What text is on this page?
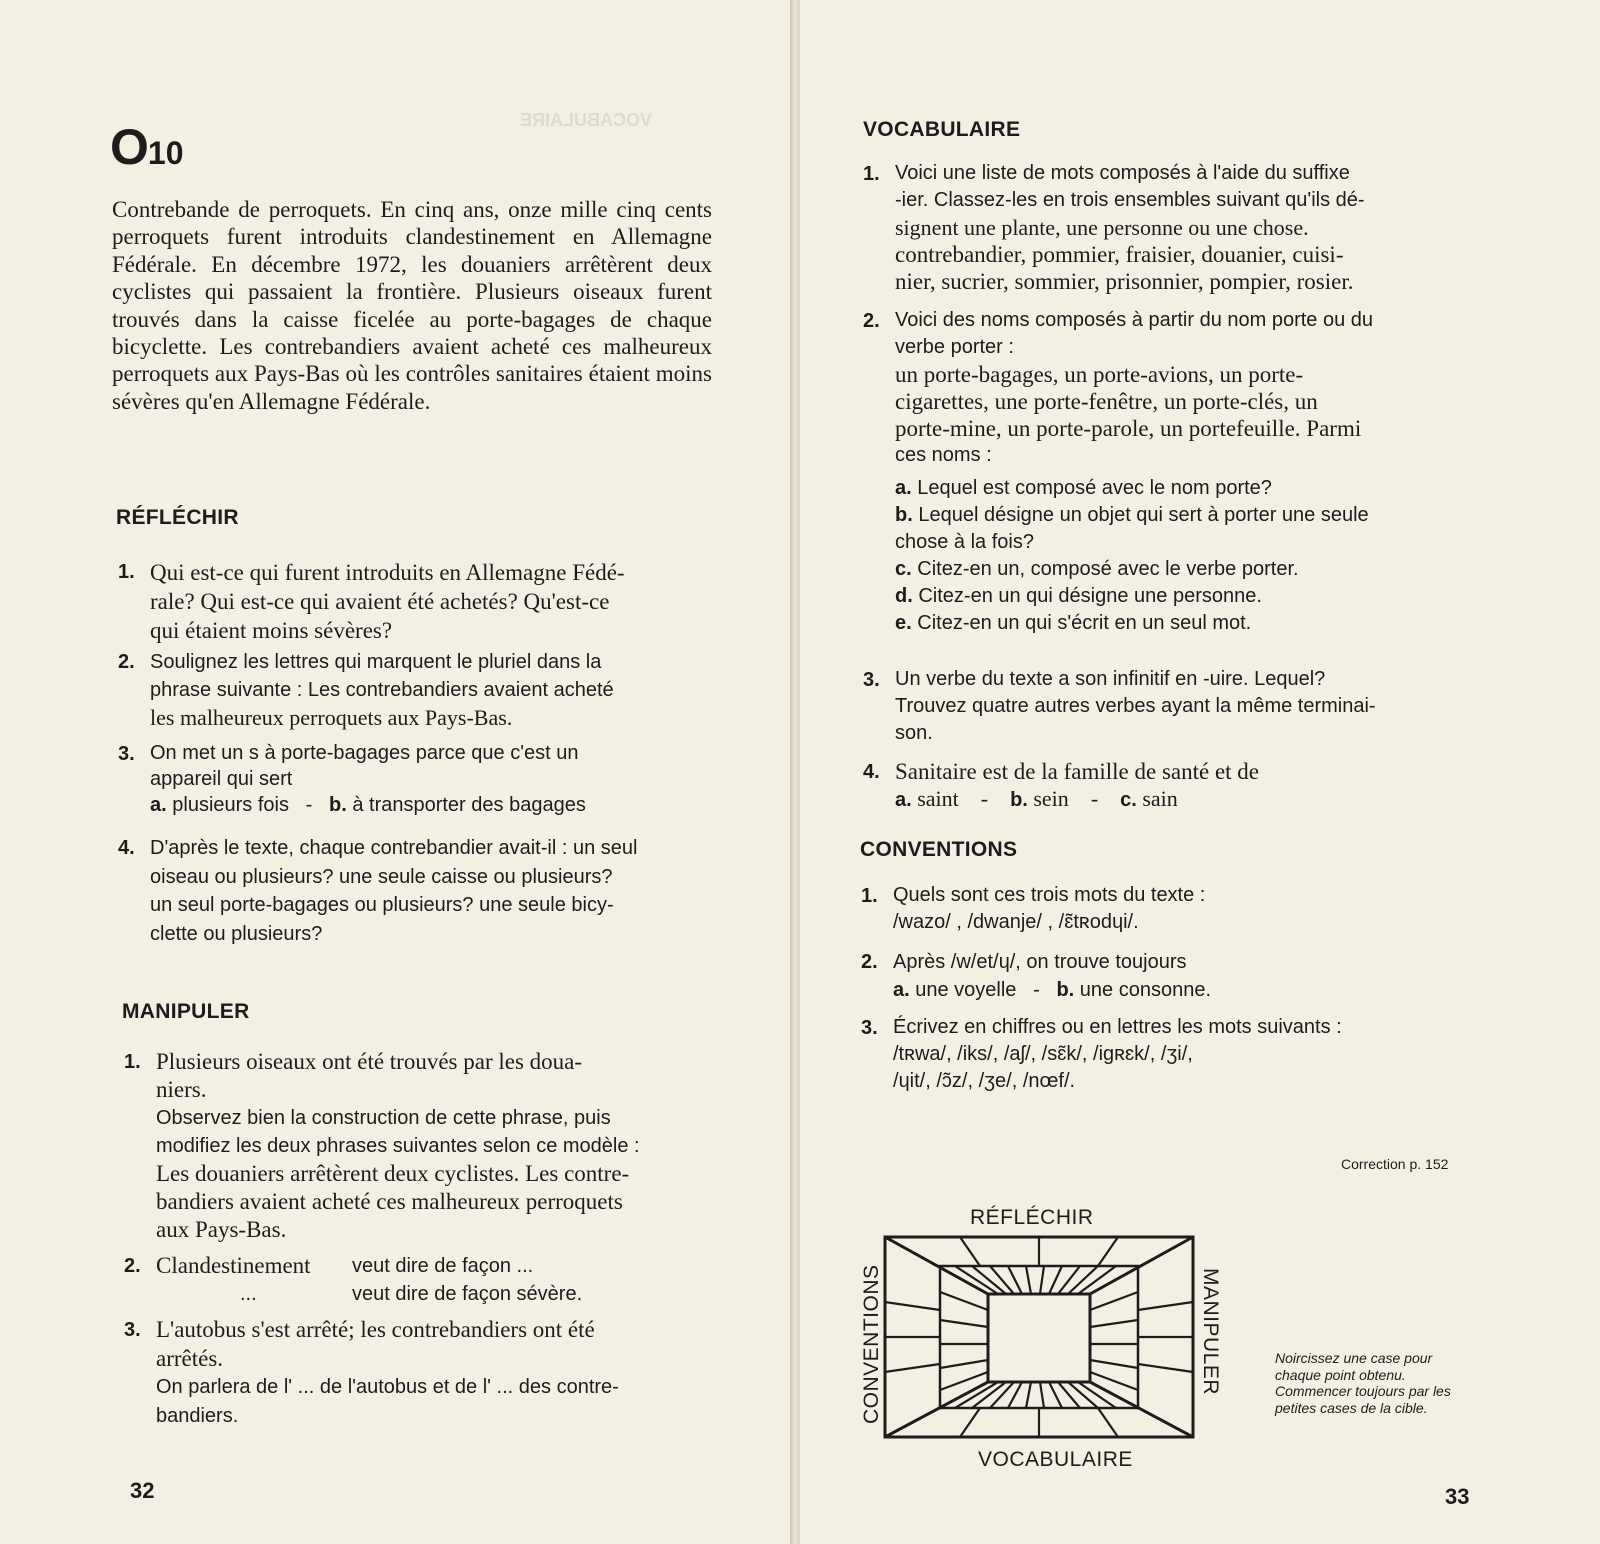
VOCABULAIRE
O10
Contrebande de perroquets. En cinq ans, onze mille cinq cents perroquets furent introduits clandestinement en Allemagne Fédérale. En décembre 1972, les douaniers arrêtèrent deux cyclistes qui passaient la frontière. Plusieurs oiseaux furent trouvés dans la caisse ficelée au porte-bagages de chaque bicyclette. Les contrebandiers avaient acheté ces malheureux perroquets aux Pays-Bas où les contrôles sanitaires étaient moins sévères qu'en Allemagne Fédérale.
RÉFLÉCHIR
1. Qui est-ce qui furent introduits en Allemagne Fédé-
rale? Qui est-ce qui avaient été achetés? Qu'est-ce
qui étaient moins sévères?
2. Soulignez les lettres qui marquent le pluriel dans la
phrase suivante : Les contrebandiers avaient acheté
les malheureux perroquets aux Pays-Bas.
3. On met un s à porte-bagages parce que c'est un
appareil qui sert
a. plusieurs fois - b. à transporter des bagages
4. D'après le texte, chaque contrebandier avait-il : un seul
oiseau ou plusieurs? une seule caisse ou plusieurs?
un seul porte-bagages ou plusieurs? une seule bicy-
clette ou plusieurs?
MANIPULER
1. Plusieurs oiseaux ont été trouvés par les doua-
niers.
Observez bien la construction de cette phrase, puis
modifiez les deux phrases suivantes selon ce modèle :
Les douaniers arrêtèrent deux cyclistes. Les contre-
bandiers avaient acheté ces malheureux perroquets
aux Pays-Bas.
2. Clandestinement veut dire de façon ...
...	veut dire de façon sévère.
3. L'autobus s'est arrêté; les contrebandiers ont été
arrêtés.
On parlera de l' ... de l'autobus et de l' ... des contre-
bandiers.
32
VOCABULAIRE
1. Voici une liste de mots composés à l'aide du suffixe
-ier. Classez-les en trois ensembles suivant qu'ils dé-
signent une plante, une personne ou une chose.
contrebandier, pommier, fraisier, douanier, cuisi-
nier, sucrier, sommier, prisonnier, pompier, rosier.
2. Voici des noms composés à partir du nom porte ou du
verbe porter :
un porte-bagages, un porte-avions, un porte-
cigarettes, une porte-fenêtre, un porte-clés, un
porte-mine, un porte-parole, un portefeuille. Parmi
ces noms :
a. Lequel est composé avec le nom porte?
b. Lequel désigne un objet qui sert à porter une seule
chose à la fois?
c. Citez-en un, composé avec le verbe porter.
d. Citez-en un qui désigne une personne.
e. Citez-en un qui s'écrit en un seul mot.
3. Un verbe du texte a son infinitif en -uire. Lequel?
Trouvez quatre autres verbes ayant la même terminai-
son.
4. Sanitaire est de la famille de santé et de
a. saint - b. sein - c. sain
CONVENTIONS
1. Quels sont ces trois mots du texte :
/wazo/ , /dwanje/ , /ɛ̃tʀodɥi/.
2. Après /w/et/ɥ/, on trouve toujours
a. une voyelle - b. une consonne.
3. Écrivez en chiffres ou en lettres les mots suivants :
/tʀwa/, /iks/, /aʃ/, /sɛ̃k/, /igʀɛk/, /ʒi/,
/ɥit/, /ɔ̃z/, /ʒe/, /nœf/.
Correction p. 152
RÉFLÉCHIR
VOCABULAIRE
CONVENTIONS	MANIPULER	Noircissez une case pour
chaque point obtenu.
Commencer toujours par les
petites cases de la cible.
33
